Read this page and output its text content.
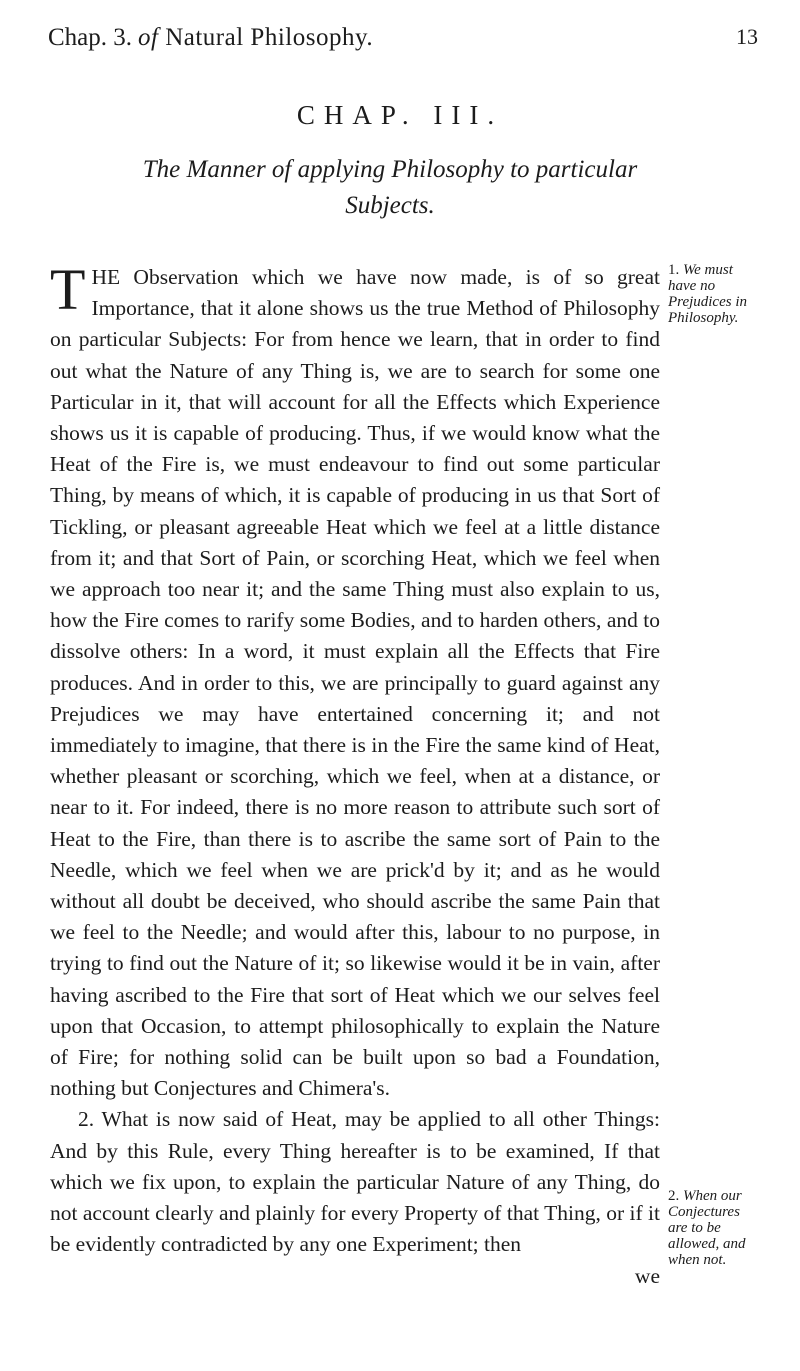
Chap. 3. of Natural Philosophy.	13
CHAP. III.
The Manner of applying Philosophy to particular Subjects.

THE Observation which we have now made, is of so great Importance, that it alone shows us the true Method of Philosophy on particular Subjects: For from hence we learn, that in order to find out what the Nature of any Thing is, we are to search for some one Particular in it, that will account for all the Effects which Experience shows us it is capable of producing. Thus, if we would know what the Heat of the Fire is, we must endeavour to find out some particular Thing, by means of which, it is capable of producing in us that Sort of Tickling, or pleasant agreeable Heat which we feel at a little distance from it; and that Sort of Pain, or scorching Heat, which we feel when we approach too near it; and the same Thing must also explain to us, how the Fire comes to rarify some Bodies, and to harden others, and to dissolve others: In a word, it must explain all the Effects that Fire produces. And in order to this, we are principally to guard against any Prejudices we may have entertained concerning it; and not immediately to imagine, that there is in the Fire the same kind of Heat, whether pleasant or scorching, which we feel, when at a distance, or near to it. For indeed, there is no more reason to attribute such sort of Heat to the Fire, than there is to ascribe the same sort of Pain to the Needle, which we feel when we are prick'd by it; and as he would without all doubt be deceived, who should ascribe the same Pain that we feel to the Needle; and would after this, labour to no purpose, in trying to find out the Nature of it; so likewise would it be in vain, after having ascribed to the Fire that sort of Heat which we our selves feel upon that Occasion, to attempt philosophically to explain the Nature of Fire; for nothing solid can be built upon so bad a Foundation, nothing but Conjectures and Chimera's.

2. What is now said of Heat, may be applied to all other Things: And by this Rule, every Thing hereafter is to be examined, If that which we fix upon, to explain the particular Nature of any Thing, do not account clearly and plainly for every Property of that Thing, or if it be evidently contradicted by any one Experiment; then

we

1. We must have no Prejudices in Philosophy.
2. When our Conjectures are to be allowed, and when not.
